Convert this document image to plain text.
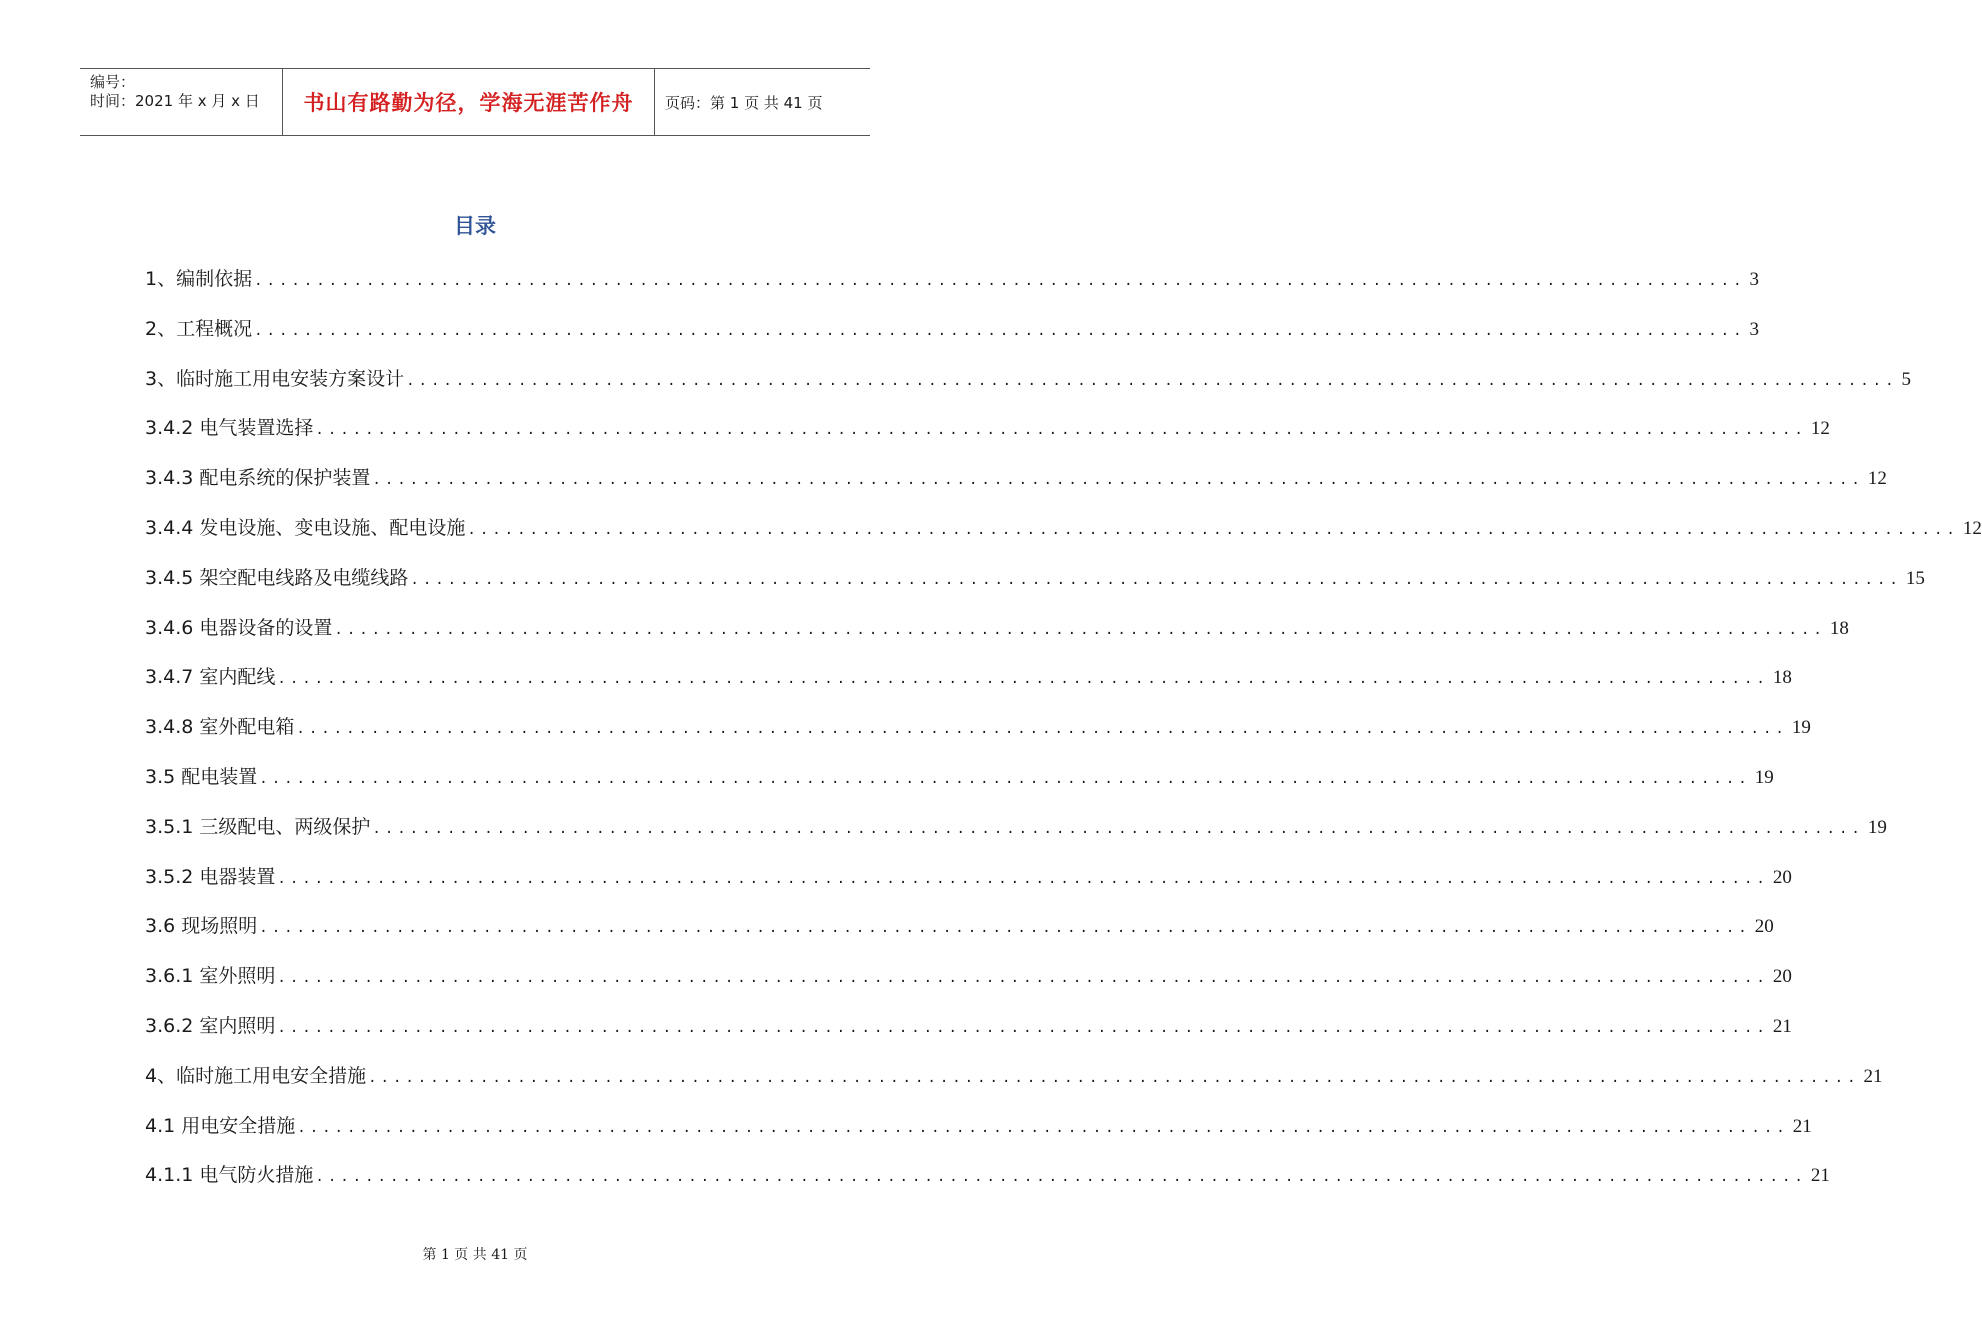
编号：
时间：2021 年 x 月 x 日	书山有路勤为径，学海无涯苦作舟	页码：第 1 页 共 41 页
目录
1、编制依据 ........................................................................................................................ 3
2、工程概况 ........................................................................................................................ 3
3、临时施工用电安装方案设计 ........................................................................................................................ 5
3.4.2 电气装置选择 ........................................................................................................................ 12
3.4.3 配电系统的保护装置 ........................................................................................................................ 12
3.4.4 发电设施、变电设施、配电设施 ........................................................................................................................ 12
3.4.5 架空配电线路及电缆线路 ........................................................................................................................ 15
3.4.6 电器设备的设置 ........................................................................................................................ 18
3.4.7 室内配线 ........................................................................................................................ 18
3.4.8 室外配电箱 ........................................................................................................................ 19
3.5 配电装置 ........................................................................................................................ 19
3.5.1 三级配电、两级保护 ........................................................................................................................ 19
3.5.2 电器装置 ........................................................................................................................ 20
3.6 现场照明 ........................................................................................................................ 20
3.6.1 室外照明 ........................................................................................................................ 20
3.6.2 室内照明 ........................................................................................................................ 21
4、临时施工用电安全措施 ........................................................................................................................ 21
4.1 用电安全措施 ........................................................................................................................ 21
4.1.1 电气防火措施 ........................................................................................................................ 21
第 1 页 共 41 页
